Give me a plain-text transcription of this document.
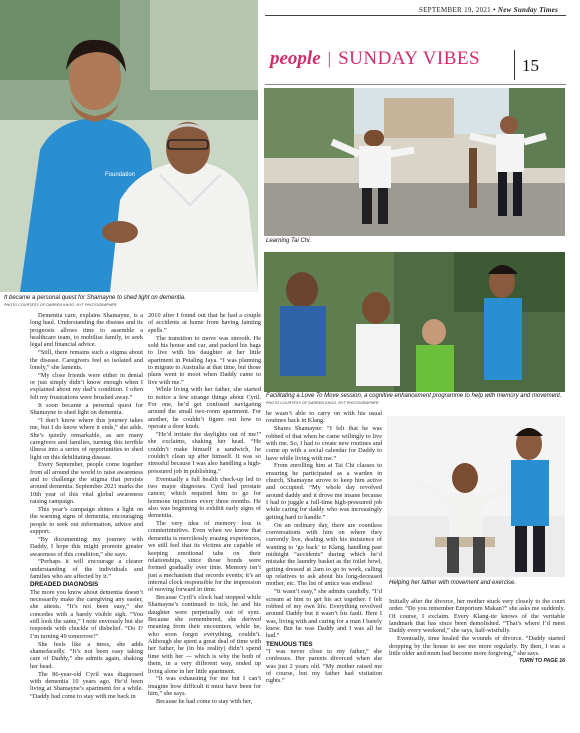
SEPTEMBER 19, 2021 • New Sunday Times
people | SUNDAY VIBES 15
Foundation
It became a personal quest for Shamayne to shed light on dementia.
PHOTO COURTESY OF DARREN KHOO, NYT PHOTOGRAPHER
Learning Tai Chi.
Facilitating a Love To Move session, a cognitive enhancement programme to help with memory and movement. PHOTO COURTESY OF DARREN KHOO, NYT PHOTOGRAPHER
Helping her father with movement and exercise.

Dementia care, explains Shamayne, is a long haul. Understanding the disease and its prognosis allows time to assemble a healthcare team, to mobilise family, to seek legal and financial advice.

“Still, there remains such a stigma about the disease. Caregivers feel so isolated and lonely,” she laments.

“My close friends were either in denial or just simply didn’t know enough when I explained about my dad’s condition. I often felt my frustrations were brushed away.”

It soon became a personal quest for Shamayne to shed light on dementia.

“I don’t know where this journey takes me, but I do know where it ends,” she adds. She’s quietly remarkable, as are many caregivers and families, turning this terrible illness into a series of opportunities to shed light on this debilitating disease.

Every September, people come together from all around the world to raise awareness and to challenge the stigma that persists around dementia. September 2021 marks the 10th year of this vital global awareness raising campaign.

This year’s campaign shines a light on the warning signs of dementia, encouraging people to seek out information, advice and support.

“By documenting my journey with Daddy, I hope this might promote greater awareness of this condition,” she says.

“Perhaps it will encourage a clearer understanding of the individuals and families who are affected by it.”

DREADED DIAGNOSIS

The more you know about dementia doesn’t necessarily make the caregiving any easier, she attests. “It’s not been easy,” she concedes with a barely visible sigh. “You still look the same,” I note enviously but she responds with chuckle of disbelief. “Do I? I’m turning 49 tomorrow!”

She feels like a mess, she adds shamefacedly. “It’s not been easy taking care of Daddy,” she admits again, shaking her head.

The 86-year-old Cyril was diagnosed with dementia 10 years ago. He’d been living at Shamayne’s apartment for a while. “Daddy had come to stay with me back in

2010 after I found out that he had a couple of accidents at home from having fainting spells.”

The transition to move was smooth. He sold his house and car, and packed his bags to live with his daughter at her little apartment in Petaling Jaya. “I was planning to migrate to Australia at that time, but those plans went to moot when Daddy came to live with me.”

While living with her father, she started to notice a few strange things about Cyril. For one, he’d get confused navigating around the small two-room apartment. For another, he couldn’t figure out how to operate a door knob.

“He’d irritate the daylights out of me!” she exclaims, shaking her head. “He couldn’t make himself a sandwich, he couldn’t clean up after himself. It was so stressful because I was also handling a high-pressured job in publishing.”

Eventually a full health check-up led to two major diagnoses. Cyril had prostate cancer, which required him to go for hormone injections every three months. He also was beginning to exhibit early signs of dementia.

The very idea of memory loss is counterintuitive. Even when we know that dementia is mercilessly erasing experiences, we still feel that its victims are capable of keeping emotional tabs on their relationships, since those bonds were formed gradually over time. Memory isn’t just a mechanism that records events; it’s an internal clock responsible for the impression of moving forward in time.

Because Cyril’s clock had stopped while Shamayne’s continued to tick, he and his daughter were perpetually out of sync. Because she remembered, she derived meaning from their encounters, while he, who soon forgot everything, couldn’t. Although she spent a great deal of time with her father, he (in his reality) didn’t spend time with her — which is why the both of them, in a very different way, ended up living alone in her little apartment.

“It was exhausting for me but I can’t imagine how difficult it must have been for him,” she says.

Because he had come to stay with her,

he wasn’t able to carry on with his usual routines back in Klang.

Shares Shamayne: “I felt that he was robbed of that when he came willingly to live with me. So, I had to create new routines and come up with a social calendar for Daddy to have while living with me.”

From enrolling him at Tai Chi classes to ensuring he participated as a warden in church, Shamayne strove to keep him active and occupied. “My whole day revolved around daddy and it drove me insane because I had to juggle a full-time high-pressured job while caring for daddy who was increasingly getting hard to handle.”

On an ordinary day, there are countless conversations with him on where they currently live, dealing with his insistence of wanting to ‘go back’ to Klang, handling past midnight “accidents” during which he’d mistake the laundry basket as the toilet bowl, getting dressed at 2am to go to work, calling up relatives to ask about his long-deceased mother, etc. The list of antics was endless!

“It wasn’t easy,” she admits candidly. “I’d scream at him to get his act together. I felt robbed of my own life. Everything revolved around Daddy but it wasn’t his fault. Here I was, living with and caring for a man I barely knew. But he was Daddy and I was all he had.”

TENUOUS TIES

“I was never close to my father,” she confesses. Her parents divorced when she was just 2 years old. “My mother raised me of course, but my father had visitation rights.”

Initially after the divorce, her mother stuck very closely to the court order. “Do you remember Emporium Makan?” she asks me suddenly. Of course, I exclaim. Every Klang-ite knows of the veritable landmark that has since been demolished. “That’s where I’d meet Daddy every weekend,” she says, half-wistfully.

Eventually, time healed the wounds of divorce. “Daddy started dropping by the house to see me more regularly. By then, I was a little older and mum had become more forgiving,” she says.

TURN TO PAGE 16
